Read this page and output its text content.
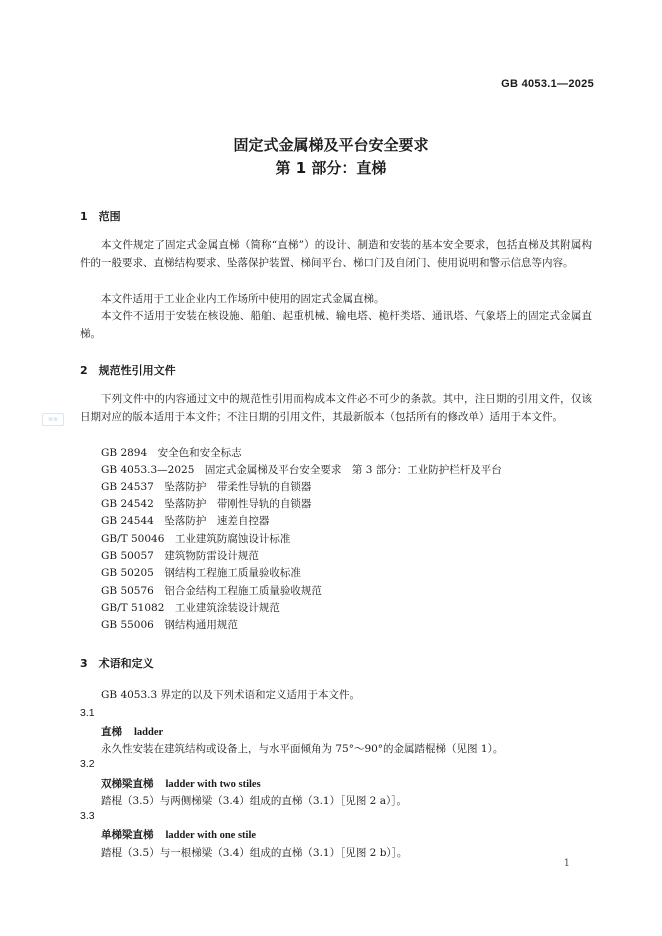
GB 4053.1—2025
固定式金属梯及平台安全要求
第 1 部分：直梯
1　范围
本文件规定了固定式金属直梯（简称“直梯”）的设计、制造和安装的基本安全要求，包括直梯及其附属构件的一般要求、直梯结构要求、坠落保护装置、梯间平台、梯口门及自闭门、使用说明和警示信息等内容。
本文件适用于工业企业内工作场所中使用的固定式金属直梯。
本文件不适用于安装在核设施、船舶、起重机械、输电塔、桅杆类塔、通讯塔、气象塔上的固定式金属直梯。
2　规范性引用文件
下列文件中的内容通过文中的规范性引用而构成本文件必不可少的条款。其中，注日期的引用文件，仅该日期对应的版本适用于本文件；不注日期的引用文件，其最新版本（包括所有的修改单）适用于本文件。
≋≋
GB 2894　安全色和安全标志
GB 4053.3—2025　固定式金属梯及平台安全要求　第 3 部分：工业防护栏杆及平台
GB 24537　坠落防护　带柔性导轨的自锁器
GB 24542　坠落防护　带刚性导轨的自锁器
GB 24544　坠落防护　速差自控器
GB/T 50046　工业建筑防腐蚀设计标准
GB 50057　建筑物防雷设计规范
GB 50205　钢结构工程施工质量验收标准
GB 50576　铝合金结构工程施工质量验收规范
GB/T 51082　工业建筑涂装设计规范
GB 55006　钢结构通用规范
3　术语和定义
GB 4053.3 界定的以及下列术语和定义适用于本文件。
3.1
直梯 ladder
永久性安装在建筑结构或设备上，与水平面倾角为 75°～90°的金属踏棍梯（见图 1）。
3.2
双梯梁直梯 ladder with two stiles
踏棍（3.5）与两侧梯梁（3.4）组成的直梯（3.1）［见图 2 a）］。
3.3
单梯梁直梯 ladder with one stile
踏棍（3.5）与一根梯梁（3.4）组成的直梯（3.1）［见图 2 b）］。
1
